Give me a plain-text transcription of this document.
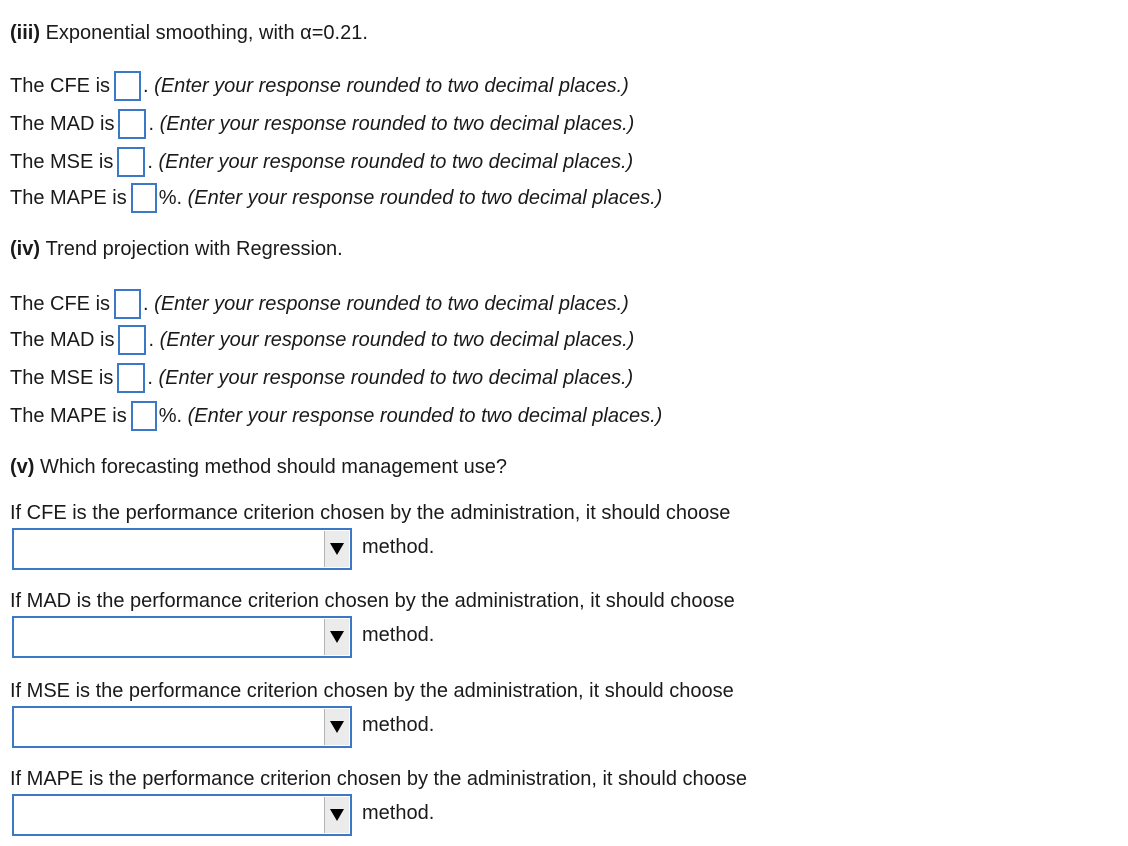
(iii)
Exponential smoothing, with
α = 0.21 .
The CFE is .
(Enter your response rounded to two decimal places.)
The MAD is .
(Enter your response rounded to two decimal places.)
The MSE is .
(Enter your response rounded to two decimal places.)
The MAPE is %.
(Enter your response rounded to two decimal places.)
(iv)
Trend projection with Regression.
The CFE is .
(Enter your response rounded to two decimal places.)
The MAD is .
(Enter your response rounded to two decimal places.)
The MSE is .
(Enter your response rounded to two decimal places.)
The MAPE is %.
(Enter your response rounded to two decimal places.)
(v)
Which forecasting method should management use?
If CFE is the performance criterion chosen by the administration, it should choose
method.
If MAD is the performance criterion chosen by the administration, it should choose
method.
If MSE is the performance criterion chosen by the administration, it should choose
method.
If MAPE is the performance criterion chosen by the administration, it should choose
method.
